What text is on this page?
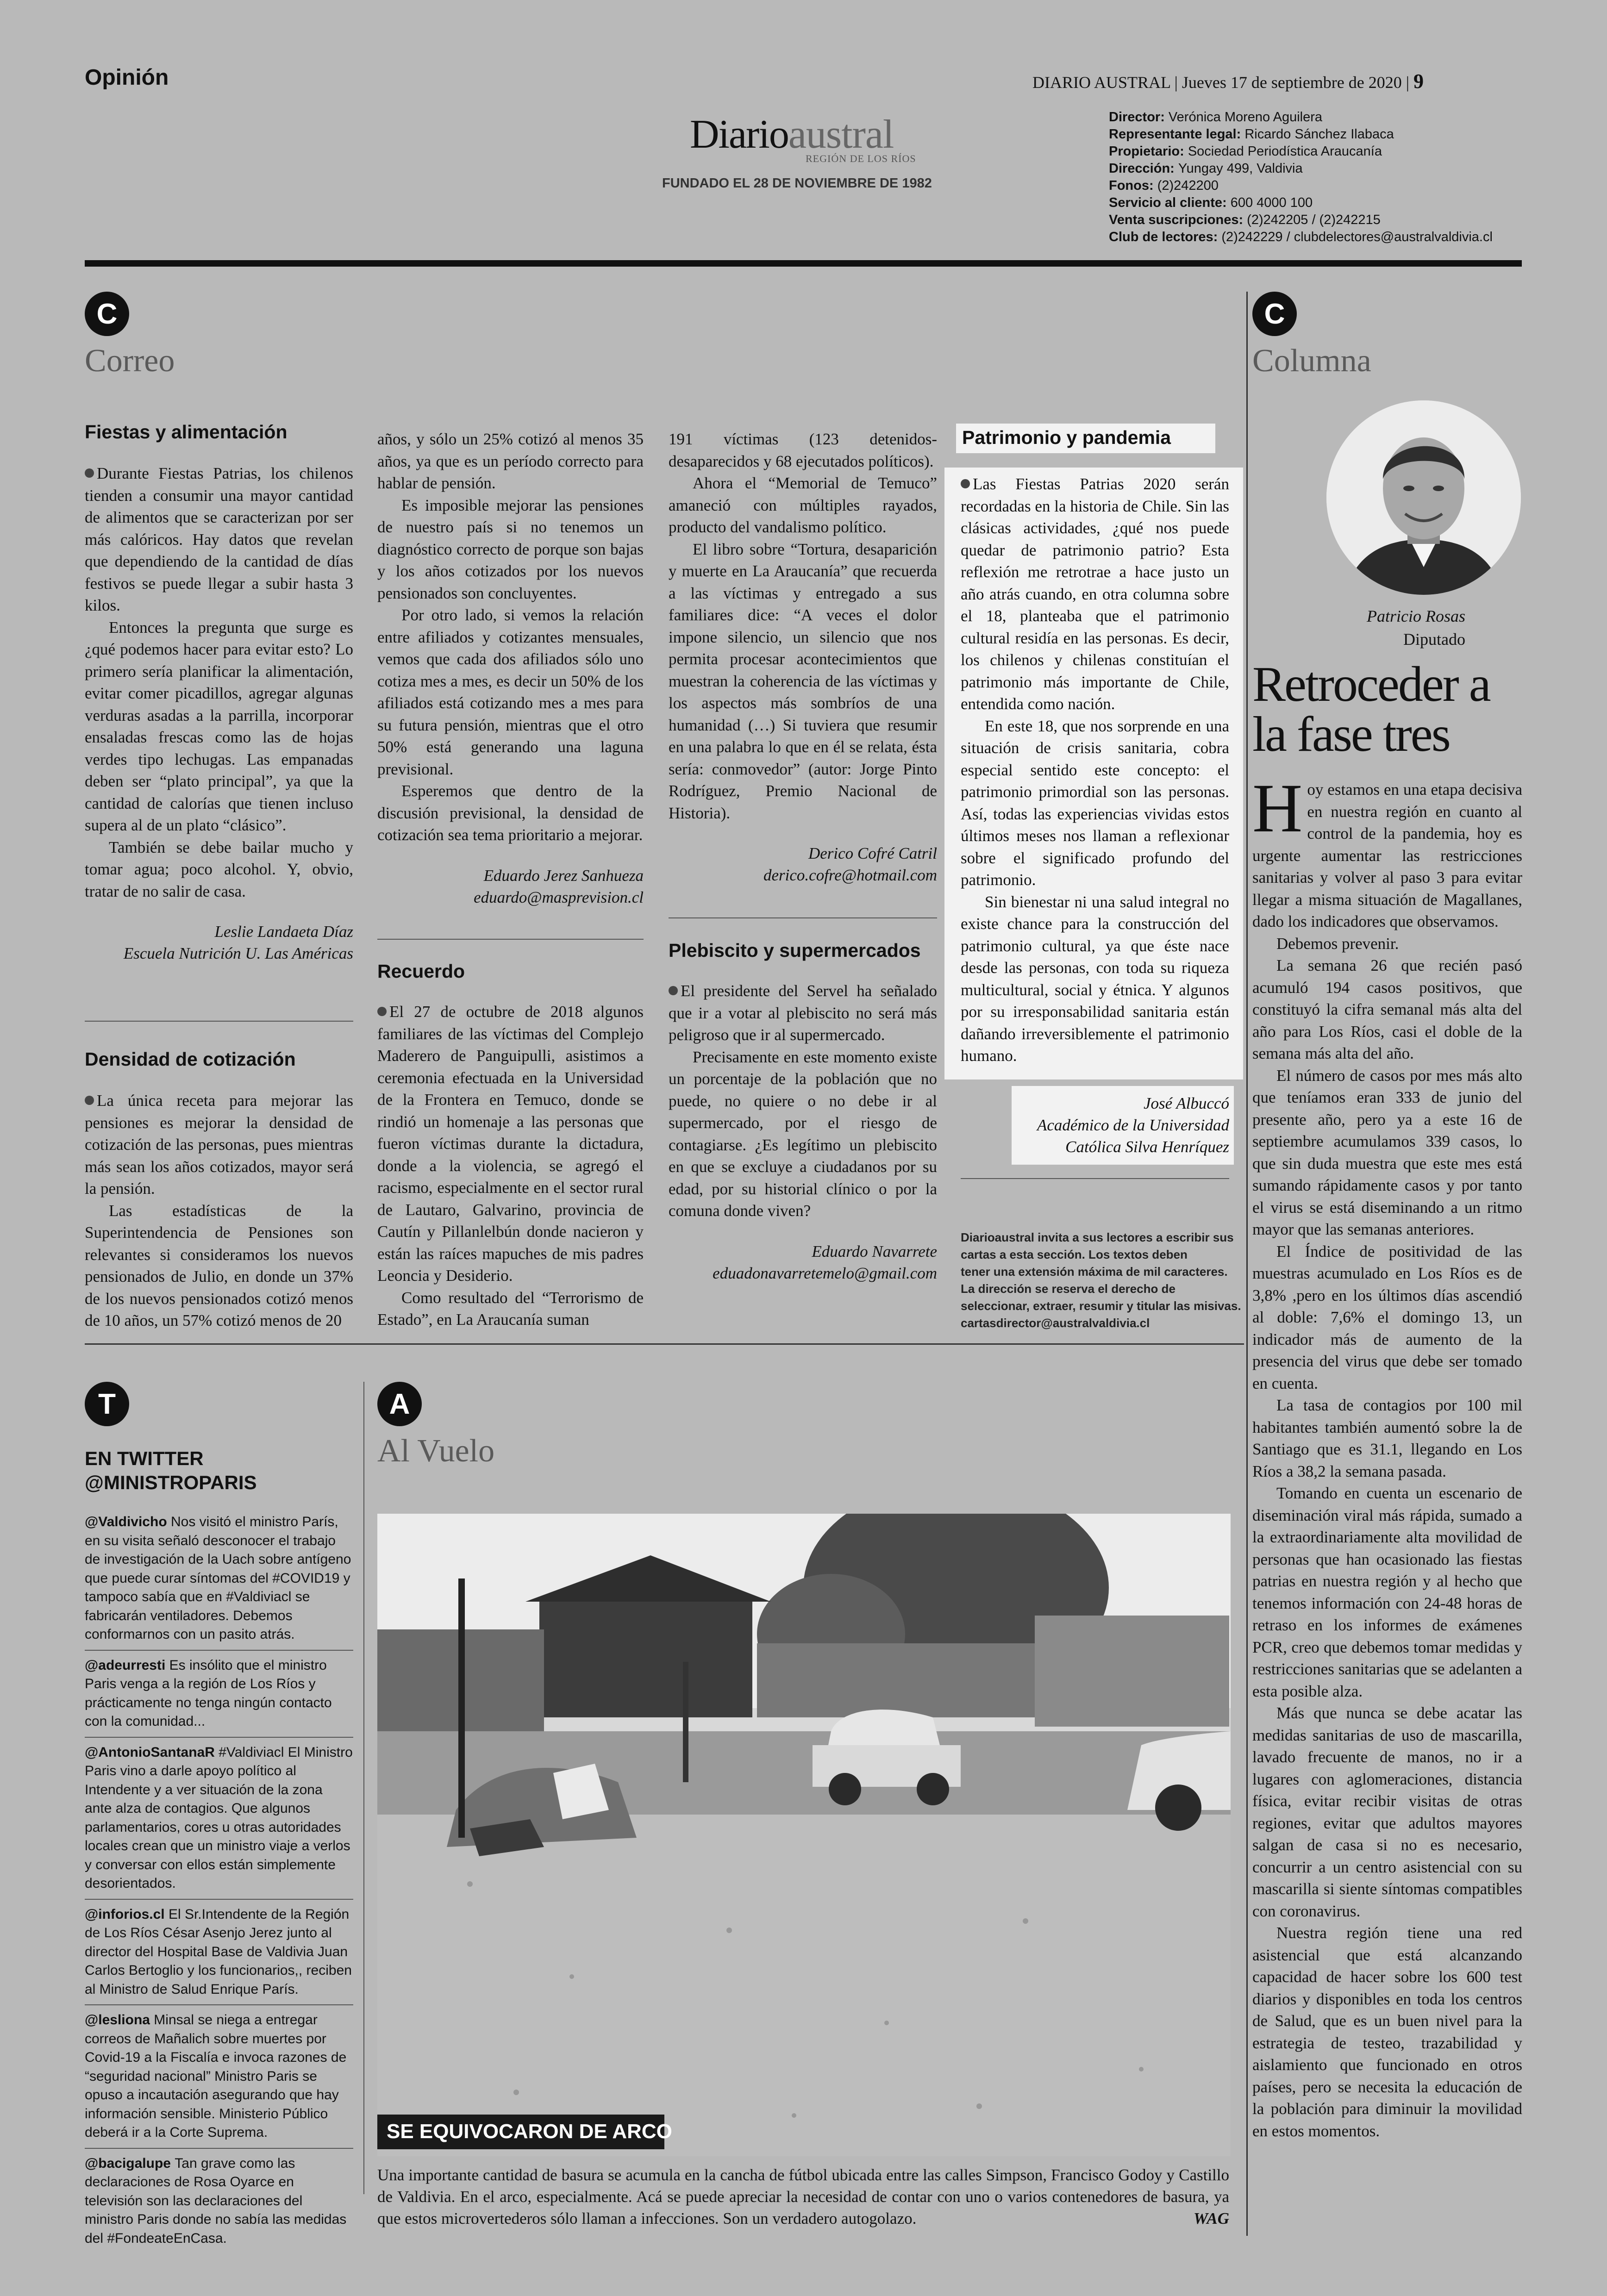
Opinión	DIARIO AUSTRAL | Jueves 17 de septiembre de 2020 | 9
Diarioaustral
REGIÓN DE LOS RÍOS
FUNDADO EL 28 DE NOVIEMBRE DE 1982
Director: Verónica Moreno Aguilera
Representante legal: Ricardo Sánchez Ilabaca
Propietario: Sociedad Periodística Araucanía
Dirección: Yungay 499, Valdivia
Fonos: (2)242200
Servicio al cliente: 600 4000 100
Venta suscripciones: (2)242205 / (2)242215
Club de lectores: (2)242229 / clubdelectores@australvaldivia.cl
C
Correo
Fiestas y alimentación

Durante Fiestas Patrias, los chilenos tienden a consumir una mayor cantidad de alimentos que se caracterizan por ser más calóricos. Hay datos que revelan que dependiendo de la cantidad de días festivos se puede llegar a subir hasta 3 kilos.

Entonces la pregunta que surge es ¿qué podemos hacer para evitar esto? Lo primero sería planificar la alimentación, evitar comer picadillos, agregar algunas verduras asadas a la parrilla, incorporar ensaladas frescas como las de hojas verdes tipo lechugas. Las empanadas deben ser “plato principal”, ya que la cantidad de calorías que tienen incluso supera al de un plato “clásico”.

También se debe bailar mucho y tomar agua; poco alcohol. Y, obvio, tratar de no salir de casa.

Leslie Landaeta Díaz
Escuela Nutrición U. Las Américas
Densidad de cotización

La única receta para mejorar las pensiones es mejorar la densidad de cotización de las personas, pues mientras más sean los años cotizados, mayor será la pensión.

Las estadísticas de la Superintendencia de Pensiones son relevantes si consideramos los nuevos pensionados de Julio, en donde un 37% de los nuevos pensionados cotizó menos de 10 años, un 57% cotizó menos de 20

años, y sólo un 25% cotizó al menos 35 años, ya que es un período correcto para hablar de pensión.

Es imposible mejorar las pensiones de nuestro país si no tenemos un diagnóstico correcto de porque son bajas y los años cotizados por los nuevos pensionados son concluyentes.

Por otro lado, si vemos la relación entre afiliados y cotizantes mensuales, vemos que cada dos afiliados sólo uno cotiza mes a mes, es decir un 50% de los afiliados está cotizando mes a mes para su futura pensión, mientras que el otro 50% está generando una laguna previsional.

Esperemos que dentro de la discusión previsional, la densidad de cotización sea tema prioritario a mejorar.

Eduardo Jerez Sanhueza
eduardo@masprevision.cl
Recuerdo

El 27 de octubre de 2018 algunos familiares de las víctimas del Complejo Maderero de Panguipulli, asistimos a ceremonia efectuada en la Universidad de la Frontera en Temuco, donde se rindió un homenaje a las personas que fueron víctimas durante la dictadura, donde a la violencia, se agregó el racismo, especialmente en el sector rural de Lautaro, Galvarino, provincia de Cautín y Pillanlelbún donde nacieron y están las raíces mapuches de mis padres Leoncia y Desiderio.

Como resultado del “Terrorismo de Estado”, en La Araucanía suman

191 víctimas (123 detenidos-desaparecidos y 68 ejecutados políticos).

Ahora el “Memorial de Temuco” amaneció con múltiples rayados, producto del vandalismo político.

El libro sobre “Tortura, desaparición y muerte en La Araucanía” que recuerda a las víctimas y entregado a sus familiares dice: “A veces el dolor impone silencio, un silencio que nos permita procesar acontecimientos que muestran la coherencia de las víctimas y los aspectos más sombríos de una humanidad (…) Si tuviera que resumir en una palabra lo que en él se relata, ésta sería: conmovedor” (autor: Jorge Pinto Rodríguez, Premio Nacional de Historia).

Derico Cofré Catril
derico.cofre@hotmail.com
Plebiscito y supermercados

El presidente del Servel ha señalado que ir a votar al plebiscito no será más peligroso que ir al supermercado.

Precisamente en este momento existe un porcentaje de la población que no puede, no quiere o no debe ir al supermercado, por el riesgo de contagiarse. ¿Es legítimo un plebiscito en que se excluye a ciudadanos por su edad, por su historial clínico o por la comuna donde viven?

Eduardo Navarrete
eduadonavarretemelo@gmail.com
Patrimonio y pandemia

Las Fiestas Patrias 2020 serán recordadas en la historia de Chile. Sin las clásicas actividades, ¿qué nos puede quedar de patrimonio patrio? Esta reflexión me retrotrae a hace justo un año atrás cuando, en otra columna sobre el 18, planteaba que el patrimonio cultural residía en las personas. Es decir, los chilenos y chilenas constituían el patrimonio más importante de Chile, entendida como nación.

En este 18, que nos sorprende en una situación de crisis sanitaria, cobra especial sentido este concepto: el patrimonio primordial son las personas. Así, todas las experiencias vividas estos últimos meses nos llaman a reflexionar sobre el significado profundo del patrimonio.

Sin bienestar ni una salud integral no existe chance para la construcción del patrimonio cultural, ya que éste nace desde las personas, con toda su riqueza multicultural, social y étnica. Y algunos por su irresponsabilidad sanitaria están dañando irreversiblemente el patrimonio humano.

José Albuccó
Académico de la Universidad
Católica Silva Henríquez
Diarioaustral invita a sus lectores a escribir sus
cartas a esta sección. Los textos deben
tener una extensión máxima de mil caracteres.
La dirección se reserva el derecho de
seleccionar, extraer, resumir y titular las misivas.
cartasdirector@australvaldivia.cl
C
Columna
Patricio Rosas
Diputado
Retroceder a la fase tres

Hoy estamos en una etapa decisiva en nuestra región en cuanto al control de la pandemia, hoy es urgente aumentar las restricciones sanitarias y volver al paso 3 para evitar llegar a misma situación de Magallanes, dado los indicadores que observamos.

Debemos prevenir.

La semana 26 que recién pasó acumuló 194 casos positivos, que constituyó la cifra semanal más alta del año para Los Ríos, casi el doble de la semana más alta del año.

El número de casos por mes más alto que teníamos eran 333 de junio del presente año, pero ya a este 16 de septiembre acumulamos 339 casos, lo que sin duda muestra que este mes está sumando rápidamente casos y por tanto el virus se está diseminando a un ritmo mayor que las semanas anteriores.

El Índice de positividad de las muestras acumulado en Los Ríos es de 3,8% ,pero en los últimos días ascendió al doble: 7,6% el domingo 13, un indicador más de aumento de la presencia del virus que debe ser tomado en cuenta.

La tasa de contagios por 100 mil habitantes también aumentó sobre la de Santiago que es 31.1, llegando en Los Ríos a 38,2 la semana pasada.

Tomando en cuenta un escenario de diseminación viral más rápida, sumado a la extraordinariamente alta movilidad de personas que han ocasionado las fiestas patrias en nuestra región y al hecho que tenemos información con 24-48 horas de retraso en los informes de exámenes PCR, creo que debemos tomar medidas y restricciones sanitarias que se adelanten a esta posible alza.

Más que nunca se debe acatar las medidas sanitarias de uso de mascarilla, lavado frecuente de manos, no ir a lugares con aglomeraciones, distancia física, evitar recibir visitas de otras regiones, evitar que adultos mayores salgan de casa si no es necesario, concurrir a un centro asistencial con su mascarilla si siente síntomas compatibles con coronavirus.

Nuestra región tiene una red asistencial que está alcanzando capacidad de hacer sobre los 600 test diarios y disponibles en toda los centros de Salud, que es un buen nivel para la estrategia de testeo, trazabilidad y aislamiento que funcionado en otros países, pero se necesita la educación de la población para diminuir la movilidad en estos momentos.

T
EN TWITTER
@MINISTROPARIS
@Valdivicho Nos visitó el ministro París, en su visita señaló desconocer el trabajo de investigación de la Uach sobre antígeno que puede curar síntomas del #COVID19 y tampoco sabía que en #Valdiviacl se fabricarán ventiladores. Debemos conformarnos con un pasito atrás.
@adeurresti Es insólito que el ministro Paris venga a la región de Los Ríos y prácticamente no tenga ningún contacto con la comunidad...
@AntonioSantanaR #Valdiviacl El Ministro Paris vino a darle apoyo político al Intendente y a ver situación de la zona ante alza de contagios. Que algunos parlamentarios, cores u otras autoridades locales crean que un ministro viaje a verlos y conversar con ellos están simplemente desorientados.
@inforios.cl El Sr.Intendente de la Región de Los Ríos César Asenjo Jerez junto al director del Hospital Base de Valdivia Juan Carlos Bertoglio y los funcionarios,, reciben al Ministro de Salud Enrique París.
@lesliona Minsal se niega a entregar correos de Mañalich sobre muertes por Covid-19 a la Fiscalía e invoca razones de “seguridad nacional” Ministro Paris se opuso a incautación asegurando que hay información sensible. Ministerio Público deberá ir a la Corte Suprema.
@bacigalupe Tan grave como las declaraciones de Rosa Oyarce en televisión son las declaraciones del ministro Paris donde no sabía las medidas del #FondeateEnCasa.
A
Al Vuelo
SE EQUIVOCARON DE ARCO
Una importante cantidad de basura se acumula en la cancha de fútbol ubicada entre las calles Simpson, Francisco Godoy y Castillo de Valdivia. En el arco, especialmente. Acá se puede apreciar la necesidad de contar con uno o varios contenedores de basura, ya que estos microvertederos sólo llaman a infecciones. Son un verdadero autogolazo.	WAG
